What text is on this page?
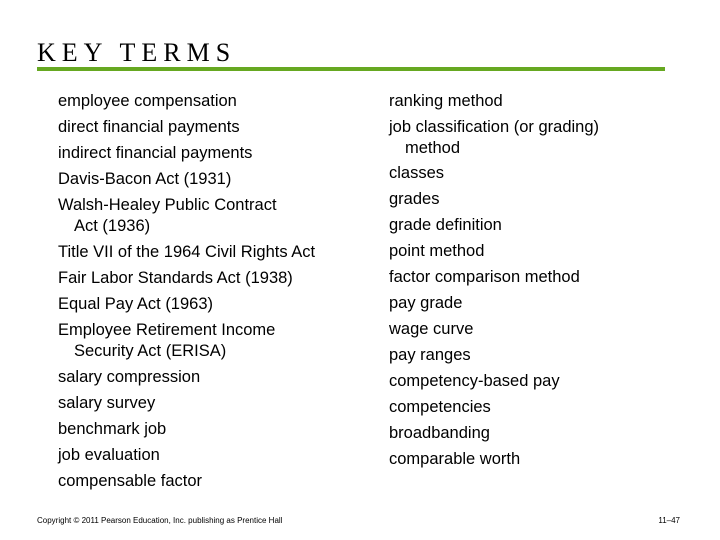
KEY TERMS
employee compensation
direct financial payments
indirect financial payments
Davis-Bacon Act (1931)
Walsh-Healey Public Contract
Act (1936)
Title VII of the 1964 Civil Rights Act
Fair Labor Standards Act (1938)
Equal Pay Act (1963)
Employee Retirement Income
Security Act (ERISA)
salary compression
salary survey
benchmark job
job evaluation
compensable factor
ranking method
job classification (or grading)
method
classes
grades
grade definition
point method
factor comparison method
pay grade
wage curve
pay ranges
competency-based pay
competencies
broadbanding
comparable worth
Copyright © 2011 Pearson Education, Inc. publishing as Prentice Hall	11–47
